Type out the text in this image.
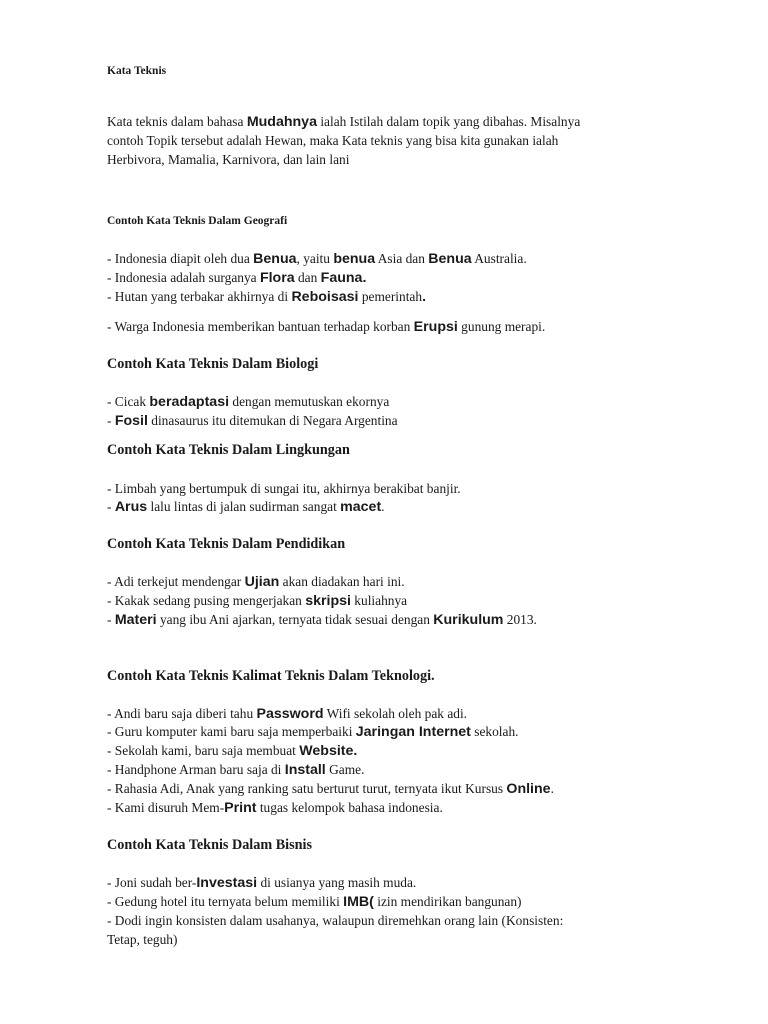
Kata Teknis
Kata teknis dalam bahasa Mudahnya ialah Istilah dalam topik yang dibahas. Misalnya
contoh Topik tersebut adalah Hewan, maka Kata teknis yang bisa kita gunakan ialah
Herbivora, Mamalia, Karnivora, dan lain lani
Contoh Kata Teknis Dalam Geografi
- Indonesia diapit oleh dua Benua, yaitu benua Asia dan Benua Australia.
- Indonesia adalah surganya Flora dan Fauna.
- Hutan yang terbakar akhirnya di Reboisasi pemerintah.
- Warga Indonesia memberikan bantuan terhadap korban Erupsi gunung merapi.
Contoh Kata Teknis Dalam Biologi
- Cicak beradaptasi dengan memutuskan ekornya
- Fosil dinasaurus itu ditemukan di Negara Argentina
Contoh Kata Teknis Dalam Lingkungan
- Limbah yang bertumpuk di sungai itu, akhirnya berakibat banjir.
- Arus lalu lintas di jalan sudirman sangat macet.
Contoh Kata Teknis Dalam Pendidikan
- Adi terkejut mendengar Ujian akan diadakan hari ini.
- Kakak sedang pusing mengerjakan skripsi kuliahnya
- Materi yang ibu Ani ajarkan, ternyata tidak sesuai dengan Kurikulum 2013.
Contoh Kata Teknis Kalimat Teknis Dalam Teknologi.
- Andi baru saja diberi tahu Password Wifi sekolah oleh pak adi.
- Guru komputer kami baru saja memperbaiki Jaringan Internet sekolah.
- Sekolah kami, baru saja membuat Website.
- Handphone Arman baru saja di Install Game.
- Rahasia Adi, Anak yang ranking satu berturut turut, ternyata ikut Kursus Online.
- Kami disuruh Mem-Print tugas kelompok bahasa indonesia.
Contoh Kata Teknis Dalam Bisnis
- Joni sudah ber-Investasi di usianya yang masih muda.
- Gedung hotel itu ternyata belum memiliki IMB( izin mendirikan bangunan)
- Dodi ingin konsisten dalam usahanya, walaupun diremehkan orang lain (Konsisten:
Tetap, teguh)
